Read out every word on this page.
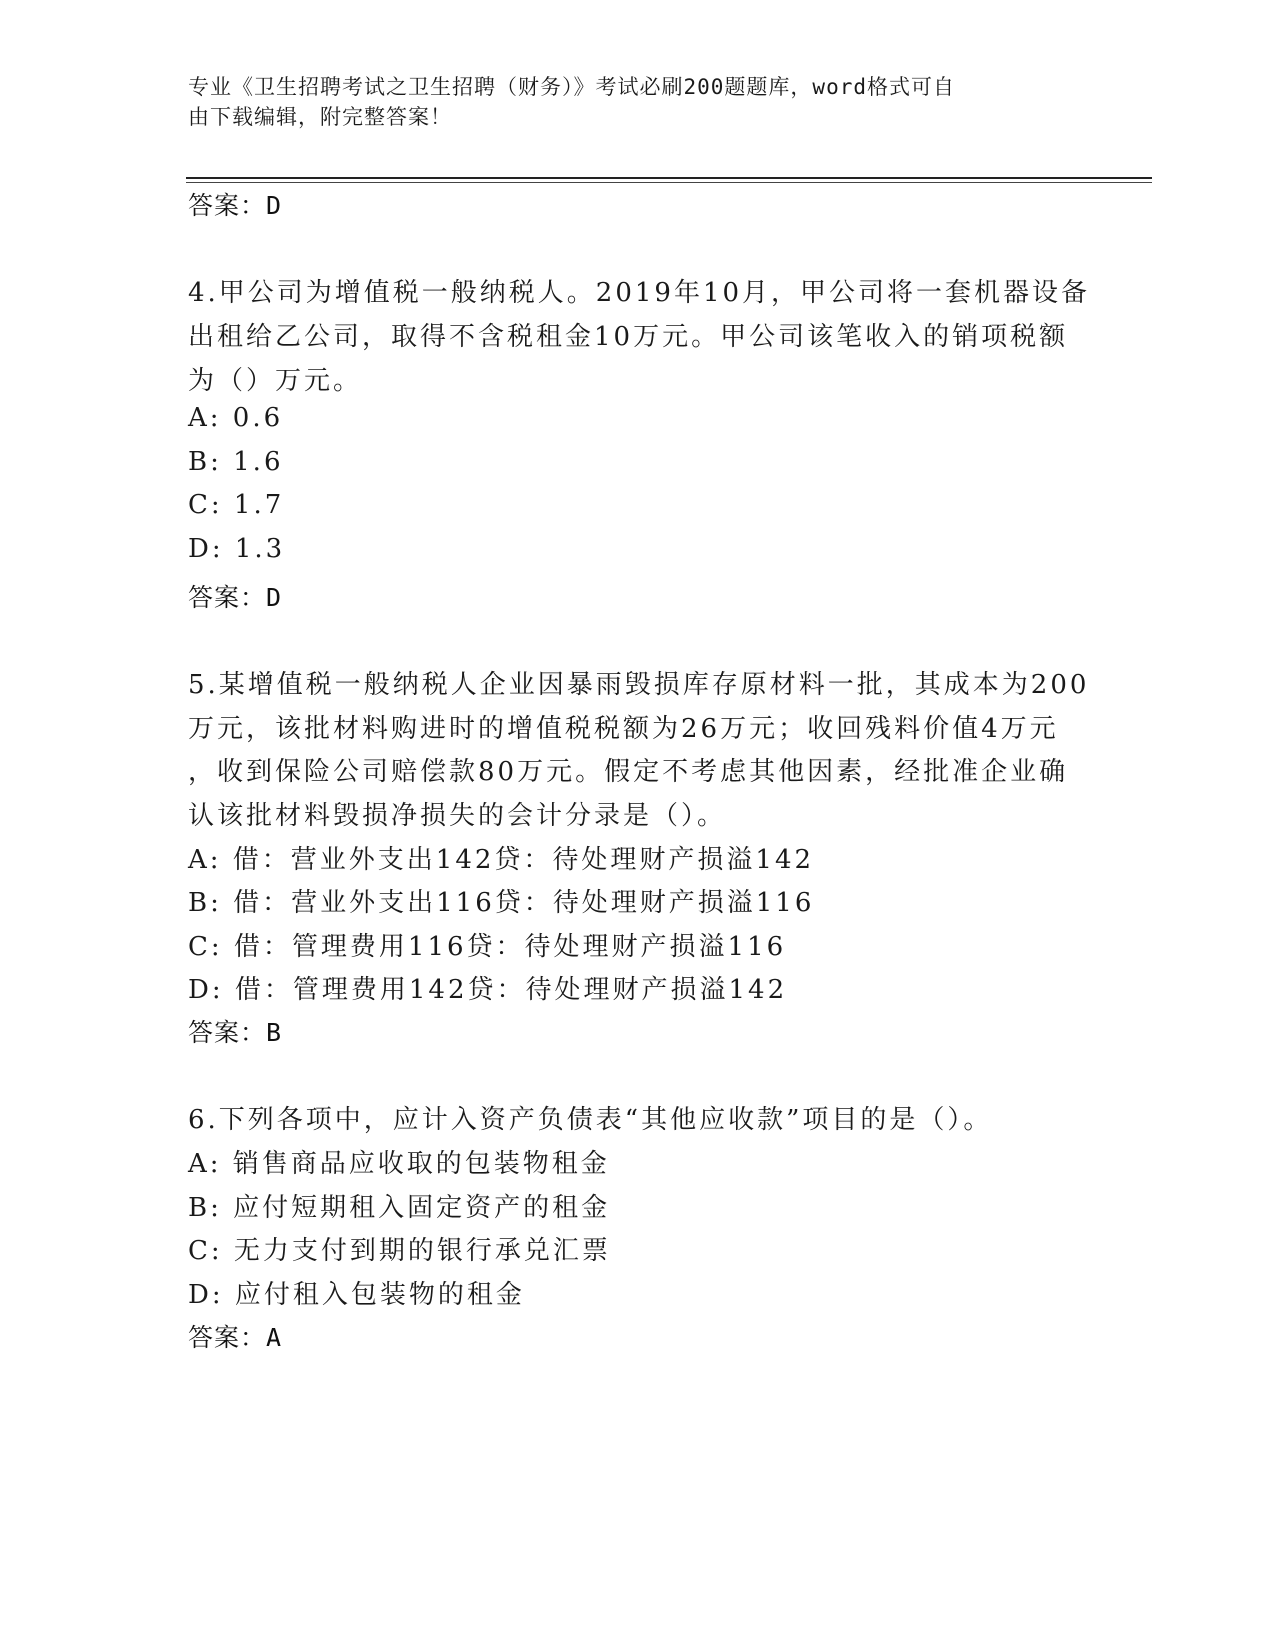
专业《卫生招聘考试之卫生招聘（财务）》考试必刷200题题库，word格式可自
由下载编辑，附完整答案！
答案：D
4.甲公司为增值税一般纳税人。2019年10月，甲公司将一套机器设备
出租给乙公司，取得不含税租金10万元。甲公司该笔收入的销项税额
为（）万元。
A: 0.6
B: 1.6
C: 1.7
D: 1.3
答案：D
5.某增值税一般纳税人企业因暴雨毁损库存原材料一批，其成本为200
万元，该批材料购进时的增值税税额为26万元；收回残料价值4万元
，收到保险公司赔偿款80万元。假定不考虑其他因素，经批准企业确
认该批材料毁损净损失的会计分录是（）。
A: 借：营业外支出142贷：待处理财产损溢142
B: 借：营业外支出116贷：待处理财产损溢116
C: 借：管理费用116贷：待处理财产损溢116
D: 借：管理费用142贷：待处理财产损溢142
答案：B
6.下列各项中，应计入资产负债表“其他应收款”项目的是（）。
A: 销售商品应收取的包装物租金
B: 应付短期租入固定资产的租金
C: 无力支付到期的银行承兑汇票
D: 应付租入包装物的租金
答案：A
